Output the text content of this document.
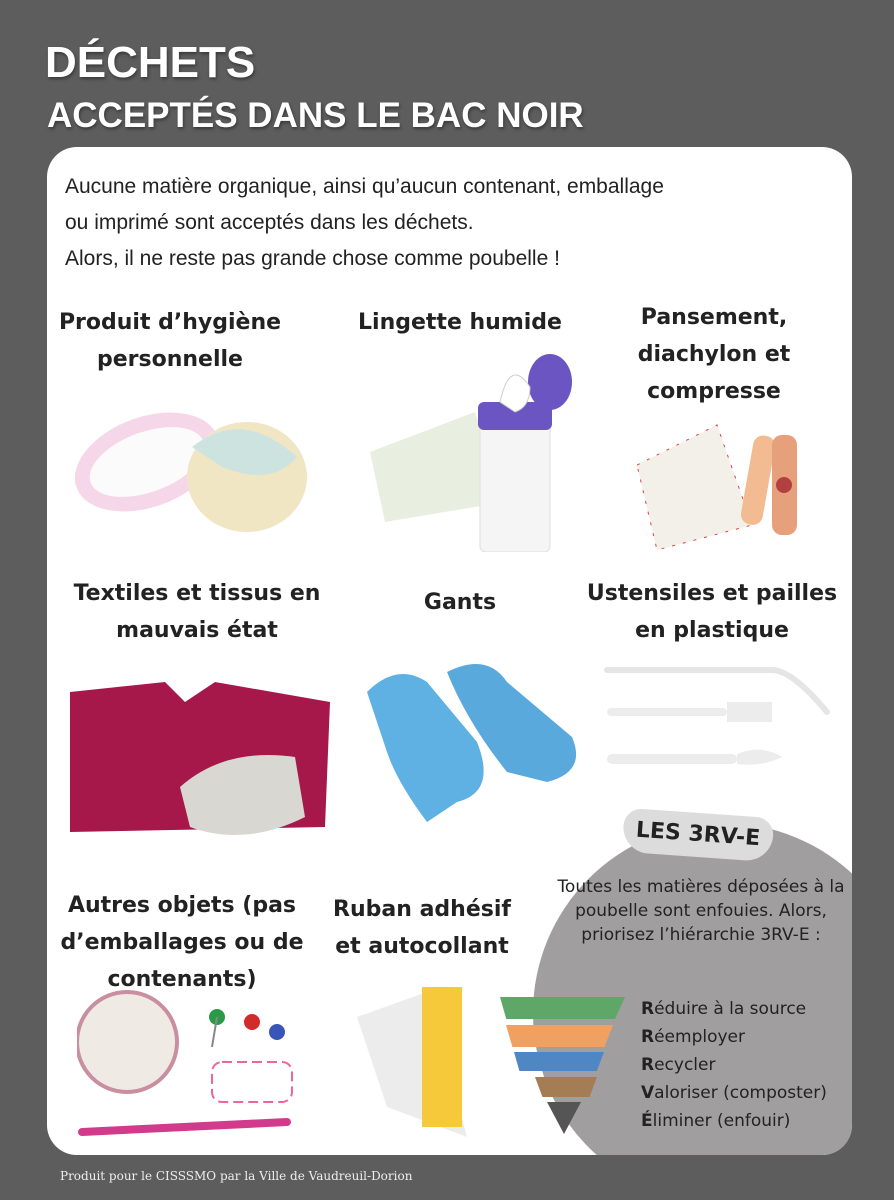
DÉCHETS
ACCEPTÉS DANS LE BAC NOIR
Aucune matière organique, ainsi qu’aucun contenant, emballage
ou imprimé sont acceptés dans les déchets.
Alors, il ne reste pas grande chose comme poubelle !
Produit d’hygiène personnelle
Lingette humide	Pansement, diachylon et compresse
Textiles et tissus en mauvais état
Gants	Ustensiles et pailles en plastique
Autres objets (pas d’emballages ou de contenants)
Ruban adhésif et autocollant
LES 3RV-E
Toutes les matières déposées à la poubelle sont enfouies. Alors, priorisez l’hiérarchie 3RV-E :
Réduire à la source
Réemployer
Recycler
Valoriser (composter)
Éliminer (enfouir)
Produit pour le CISSSMO par la Ville de Vaudreuil-Dorion
